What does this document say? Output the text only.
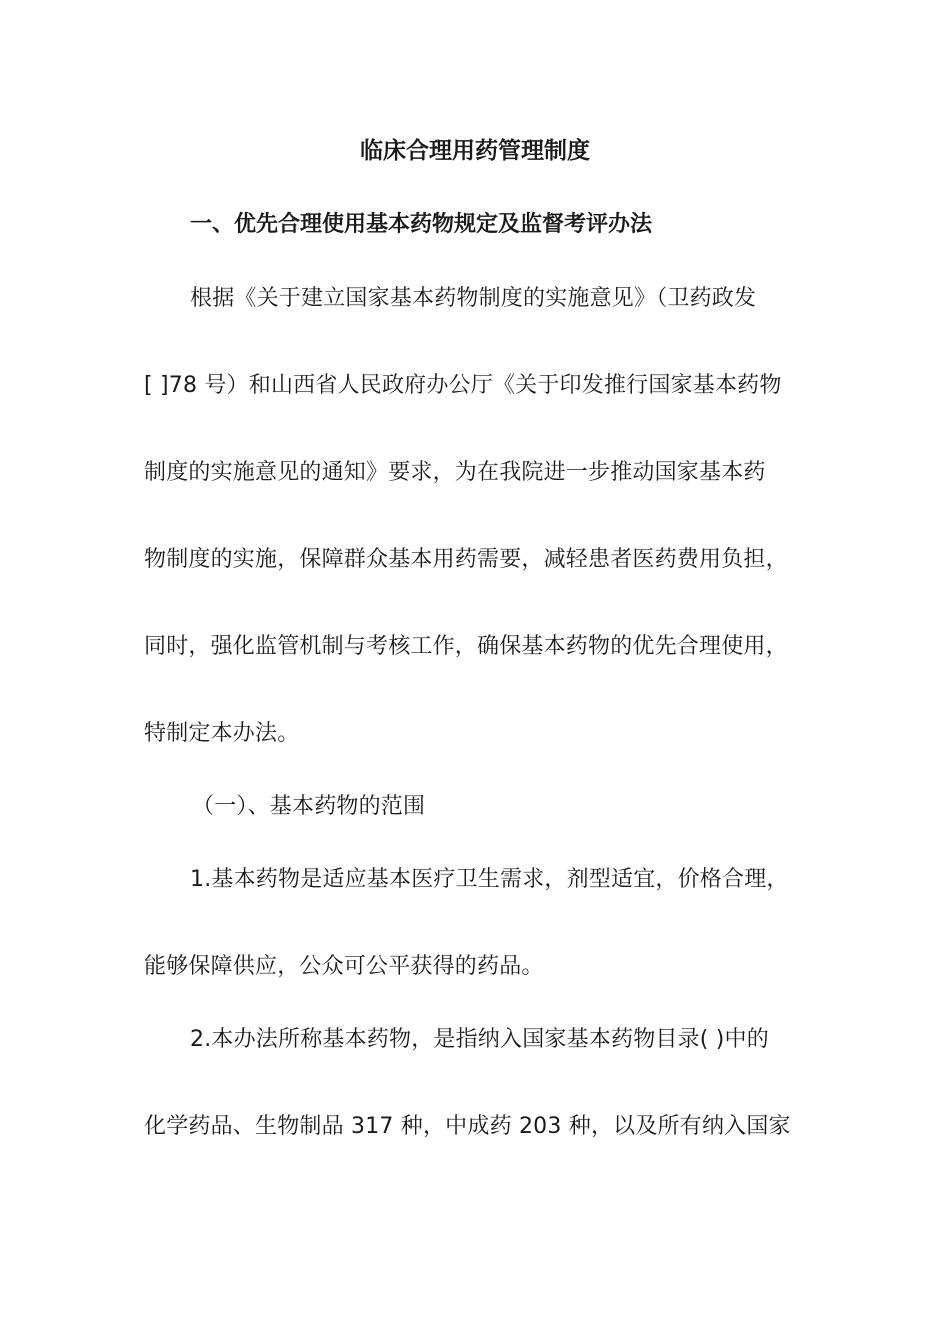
临床合理用药管理制度
一、优先合理使用基本药物规定及监督考评办法
根据《关于建立国家基本药物制度的实施意见》（卫药政发
[ ]78 号）和山西省人民政府办公厅《关于印发推行国家基本药物
制度的实施意见的通知》要求，为在我院进一步推动国家基本药
物制度的实施，保障群众基本用药需要，减轻患者医药费用负担，
同时，强化监管机制与考核工作，确保基本药物的优先合理使用，
特制定本办法。
（一）、基本药物的范围
1.基本药物是适应基本医疗卫生需求，剂型适宜，价格合理，
能够保障供应，公众可公平获得的药品。
2.本办法所称基本药物，是指纳入国家基本药物目录( )中的
化学药品、生物制品 317 种，中成药 203 种，以及所有纳入国家
